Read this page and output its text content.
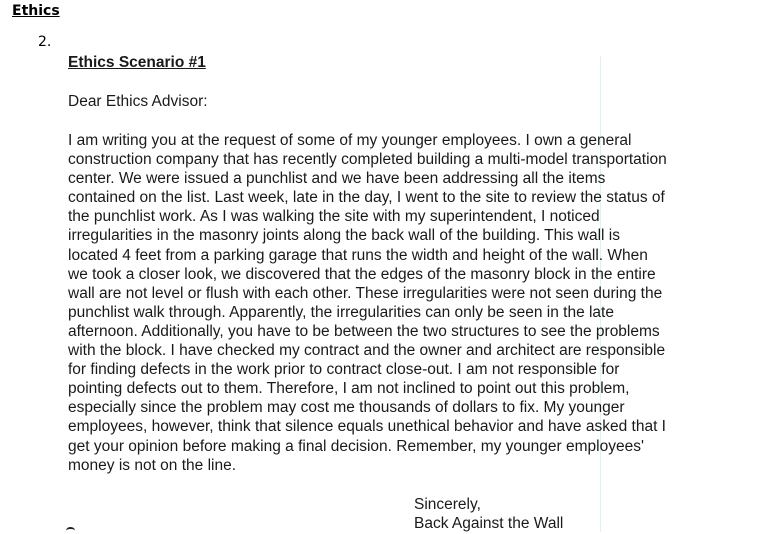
Ethics
2.
Ethics Scenario #1
Dear Ethics Advisor:
I am writing you at the request of some of my younger employees. I own a general
construction company that has recently completed building a multi-model transportation
center. We were issued a punchlist and we have been addressing all the items
contained on the list. Last week, late in the day, I went to the site to review the status of
the punchlist work. As I was walking the site with my superintendent, I noticed
irregularities in the masonry joints along the back wall of the building. This wall is
located 4 feet from a parking garage that runs the width and height of the wall. When
we took a closer look, we discovered that the edges of the masonry block in the entire
wall are not level or flush with each other. These irregularities were not seen during the
punchlist walk through. Apparently, the irregularities can only be seen in the late
afternoon. Additionally, you have to be between the two structures to see the problems
with the block. I have checked my contract and the owner and architect are responsible
for finding defects in the work prior to contract close-out. I am not responsible for
pointing defects out to them. Therefore, I am not inclined to point out this problem,
especially since the problem may cost me thousands of dollars to fix. My younger
employees, however, think that silence equals unethical behavior and have asked that I
get your opinion before making a final decision. Remember, my younger employees'
money is not on the line.
Sincerely,
Back Against the Wall
